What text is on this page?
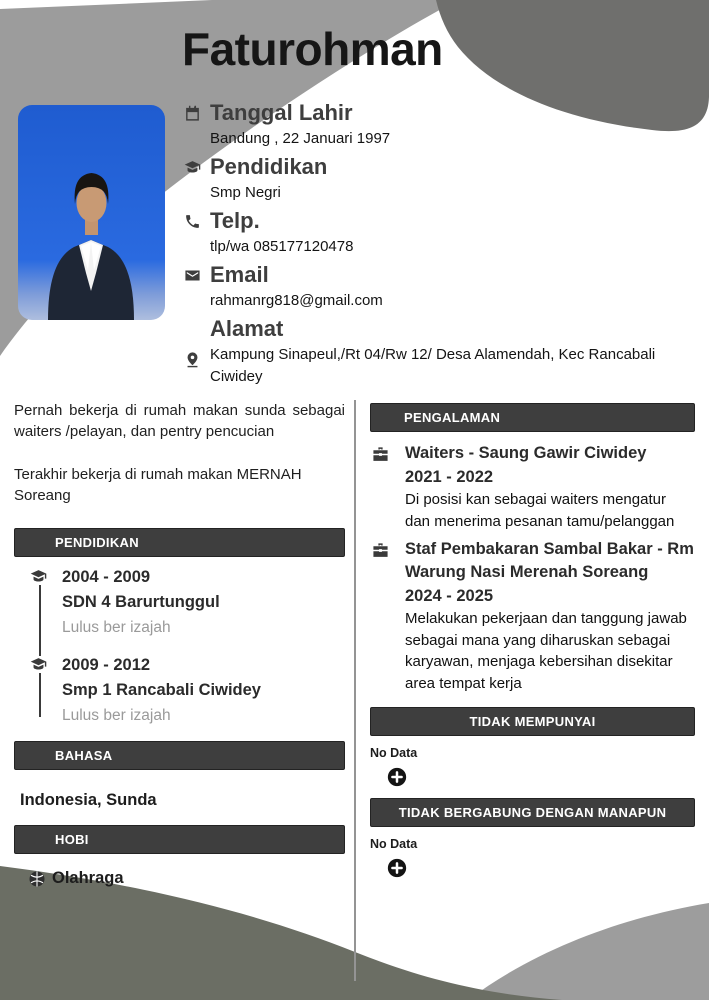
Faturohman
Tanggal Lahir
Bandung , 22 Januari 1997
Pendidikan
Smp Negri
Telp.
tlp/wa 085177120478
Email
rahmanrg818@gmail.com
Alamat
Kampung Sinapeul,/Rt 04/Rw 12/ Desa Alamendah, Kec Rancabali Ciwidey

Pernah bekerja di rumah makan sunda sebagai waiters /pelayan, dan pentry pencucian

Terakhir bekerja di rumah makan MERNAH Soreang

PENDIDIKAN
2004 - 2009
SDN 4 Barurtunggul
Lulus ber izajah
2009 - 2012
Smp 1 Rancabali Ciwidey
Lulus ber izajah
BAHASA
Indonesia, Sunda
HOBI
Olahraga
PENGALAMAN
Waiters - Saung Gawir Ciwidey
2021 - 2022
Di posisi kan sebagai waiters mengatur dan menerima pesanan tamu/pelanggan
Staf Pembakaran Sambal Bakar - Rm Warung Nasi Merenah Soreang
2024 - 2025
Melakukan pekerjaan dan tanggung jawab sebagai mana yang diharuskan sebagai karyawan, menjaga kebersihan disekitar area tempat kerja
TIDAK MEMPUNYAI
No Data
TIDAK BERGABUNG DENGAN MANAPUN
No Data
